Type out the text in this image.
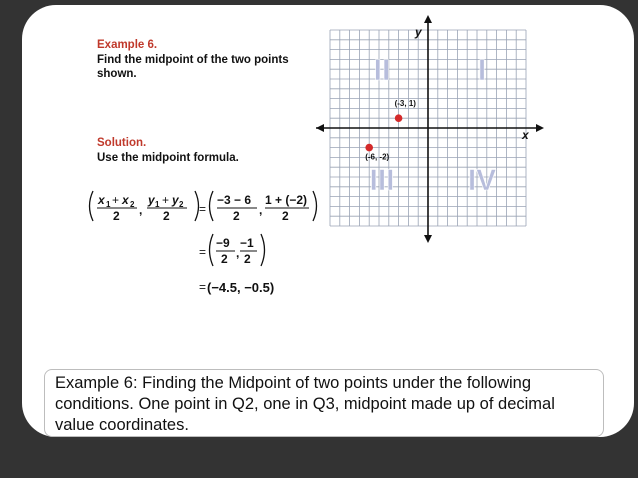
Example 6.
Find the midpoint of the two points shown.
Solution.
Use the midpoint formula.
x 1 + x 2
2 ,
y 1 + y 2
2 =
−3 − 6
2 ,
1 + (−2)
2
=
−9
2 ,
−1
2
= (−4.5, −0.5)
II	I
III IV
y
x
(-3, 1)
(-6, -2)
Example 6: Finding the Midpoint of two points under the following conditions. One point in Q2, one in Q3, midpoint made up of decimal value coordinates.
